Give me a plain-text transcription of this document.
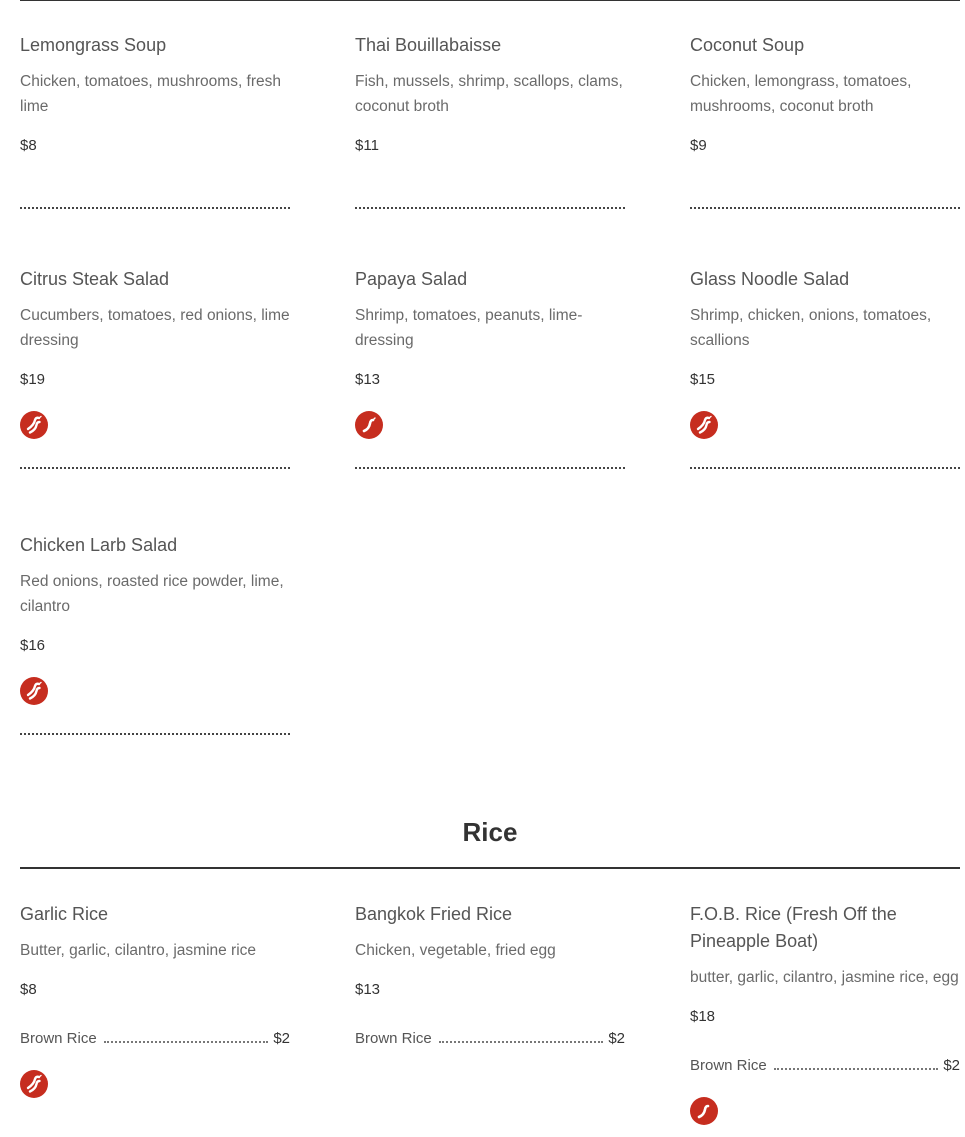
Lemongrass Soup

Chicken, tomatoes, mushrooms, fresh lime

$8

Thai Bouillabaisse

Fish, mussels, shrimp, scallops, clams, coconut broth

$11

Coconut Soup

Chicken, lemongrass, tomatoes, mushrooms, coconut broth

$9

Citrus Steak Salad

Cucumbers, tomatoes, red onions, lime dressing

$19

Papaya Salad

Shrimp, tomatoes, peanuts, lime-dressing

$13

Glass Noodle Salad

Shrimp, chicken, onions, tomatoes, scallions

$15

Chicken Larb Salad

Red onions, roasted rice powder, lime, cilantro

$16

Rice

Garlic Rice

Butter, garlic, cilantro, jasmine rice

$8

Brown Rice	$2

Bangkok Fried Rice

Chicken, vegetable, fried egg

$13

Brown Rice	$2

F.O.B. Rice (Fresh Off the Pineapple Boat)

butter, garlic, cilantro, jasmine rice, egg

$18

Brown Rice	$2
